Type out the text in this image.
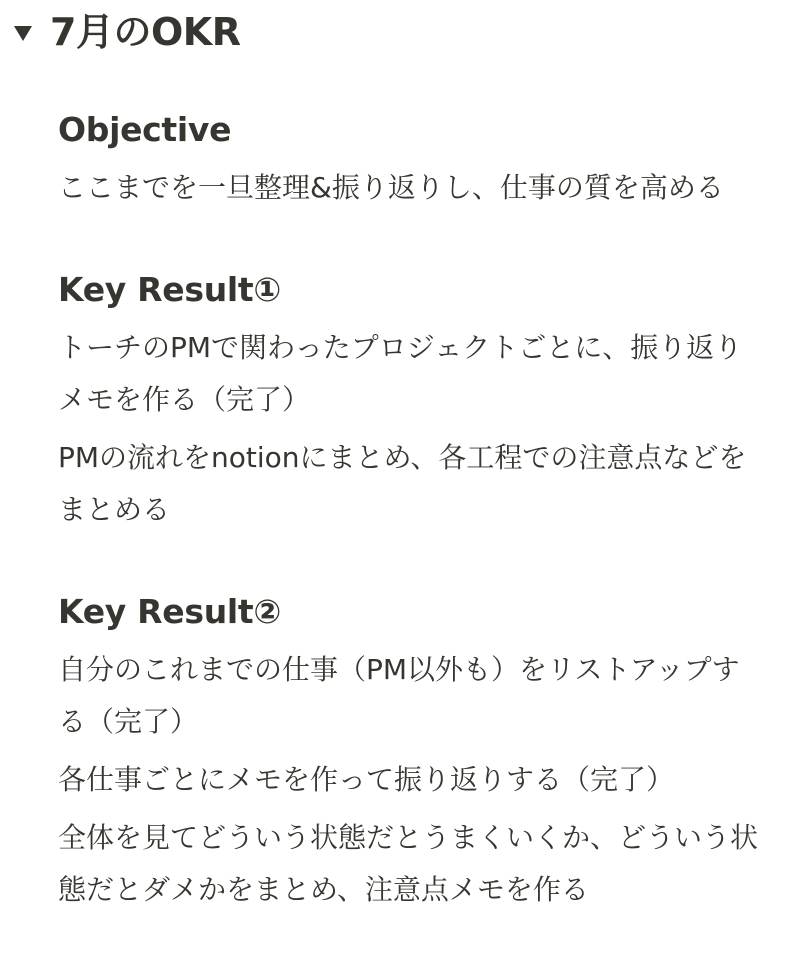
7月のOKR
Objective

ここまでを一旦整理&振り返りし、仕事の質を高める

Key Result①

トーチのPMで関わったプロジェクトごとに、振り返りメモを作る（完了）

PMの流れをnotionにまとめ、各工程での注意点などをまとめる

Key Result②

自分のこれまでの仕事（PM以外も）をリストアップする（完了）

各仕事ごとにメモを作って振り返りする（完了）

全体を見てどういう状態だとうまくいくか、どういう状態だとダメかをまとめ、注意点メモを作る
